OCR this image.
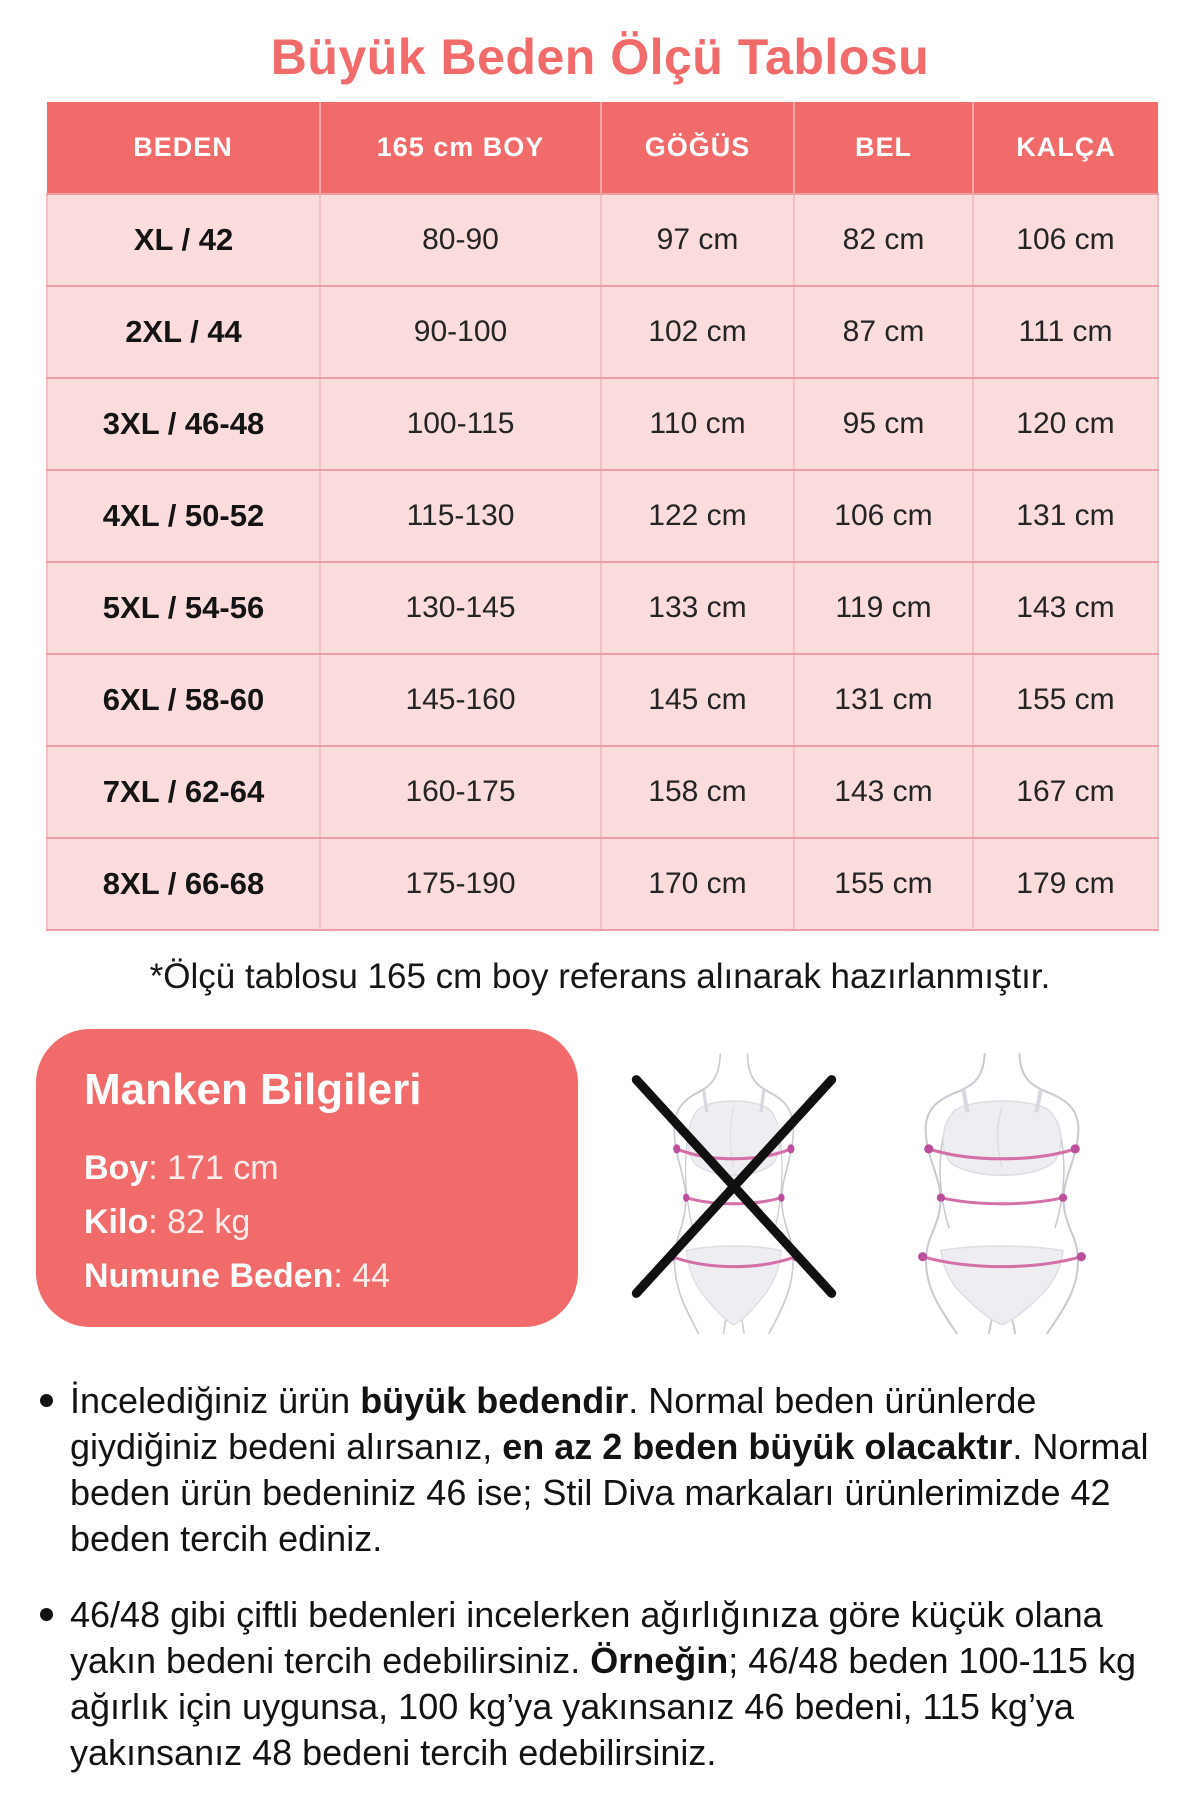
Büyük Beden Ölçü Tablosu
BEDEN	165 cm BOY	GÖĞÜS	BEL	KALÇA
XL / 42	80-90	97 cm	82 cm	106 cm
2XL / 44	90-100	102 cm	87 cm	111 cm
3XL / 46-48	100-115	110 cm	95 cm	120 cm
4XL / 50-52	115-130	122 cm	106 cm	131 cm
5XL / 54-56	130-145	133 cm	119 cm	143 cm
6XL / 58-60	145-160	145 cm	131 cm	155 cm
7XL / 62-64	160-175	158 cm	143 cm	167 cm
8XL / 66-68	175-190	170 cm	155 cm	179 cm

*Ölçü tablosu 165 cm boy referans alınarak hazırlanmıştır.

Manken Bilgileri
Boy: 171 cm
Kilo: 82 kg
Numune Beden: 44
İncelediğiniz ürün büyük bedendir. Normal beden ürünlerde giydiğiniz bedeni alırsanız, en az 2 beden büyük olacaktır. Normal beden ürün bedeniniz 46 ise; Stil Diva markaları ürünlerimizde 42 beden tercih ediniz.
46/48 gibi çiftli bedenleri incelerken ağırlığınıza göre küçük olana yakın bedeni tercih edebilirsiniz. Örneğin; 46/48 beden 100-115 kg ağırlık için uygunsa, 100 kg’ya yakınsanız 46 bedeni, 115 kg’ya yakınsanız 48 bedeni tercih edebilirsiniz.
